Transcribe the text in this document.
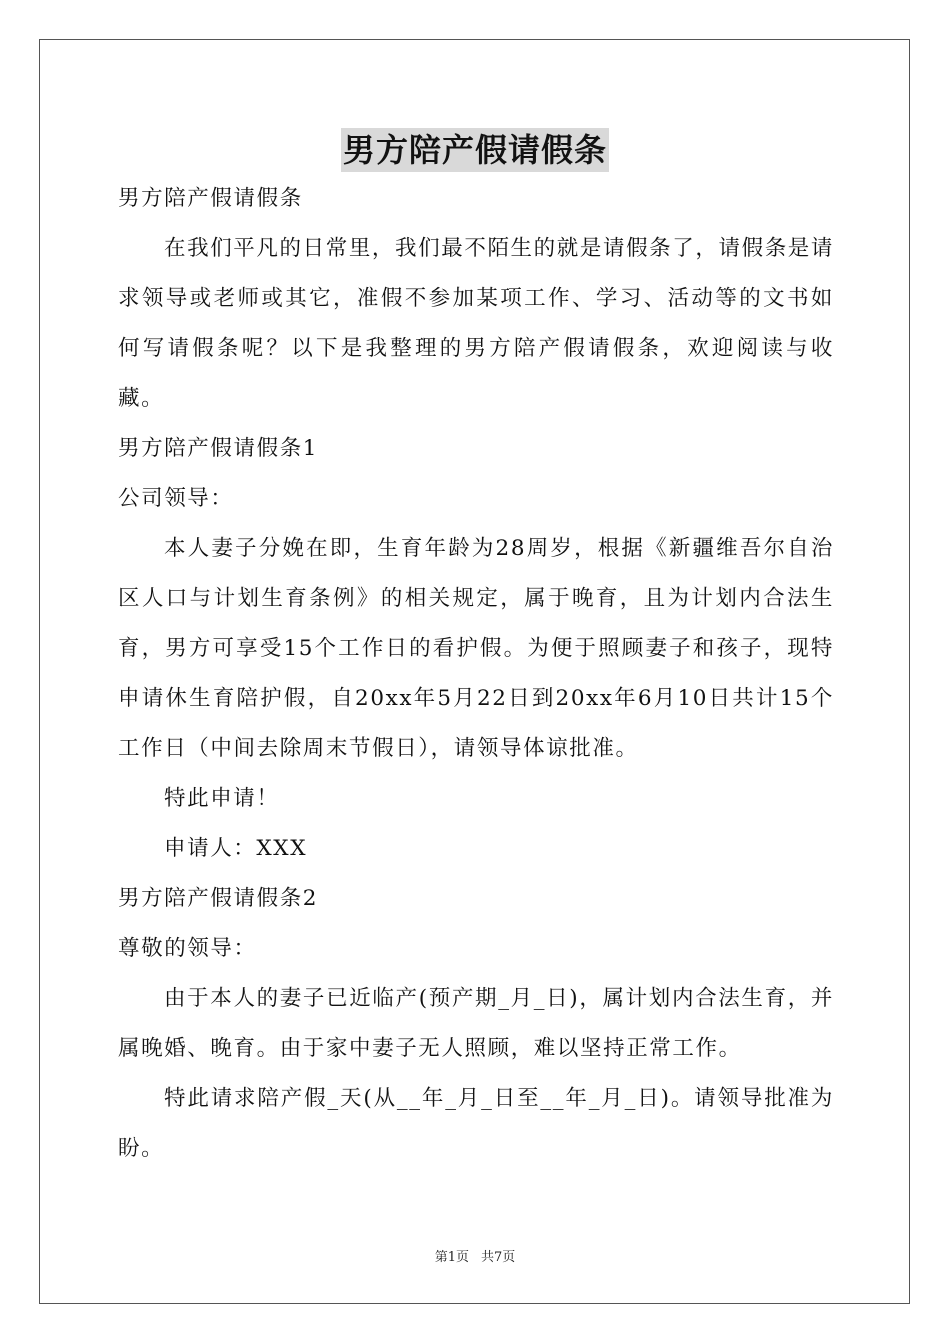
男方陪产假请假条

男方陪产假请假条

在我们平凡的日常里，我们最不陌生的就是请假条了，请假条是请求领导或老师或其它，准假不参加某项工作、学习、活动等的文书如何写请假条呢？以下是我整理的男方陪产假请假条，欢迎阅读与收藏。

男方陪产假请假条1

公司领导：

本人妻子分娩在即，生育年龄为28周岁，根据《新疆维吾尔自治区人口与计划生育条例》的相关规定，属于晚育，且为计划内合法生育，男方可享受15个工作日的看护假。为便于照顾妻子和孩子，现特申请休生育陪护假，自20xx年5月22日到20xx年6月10日共计15个工作日（中间去除周末节假日），请领导体谅批准。

特此申请！

申请人：XXX

男方陪产假请假条2

尊敬的领导：

由于本人的妻子已近临产(预产期_月_日)，属计划内合法生育，并属晚婚、晚育。由于家中妻子无人照顾，难以坚持正常工作。

特此请求陪产假_天(从__年_月_日至__年_月_日)。请领导批准为盼。

第1页 共7页
